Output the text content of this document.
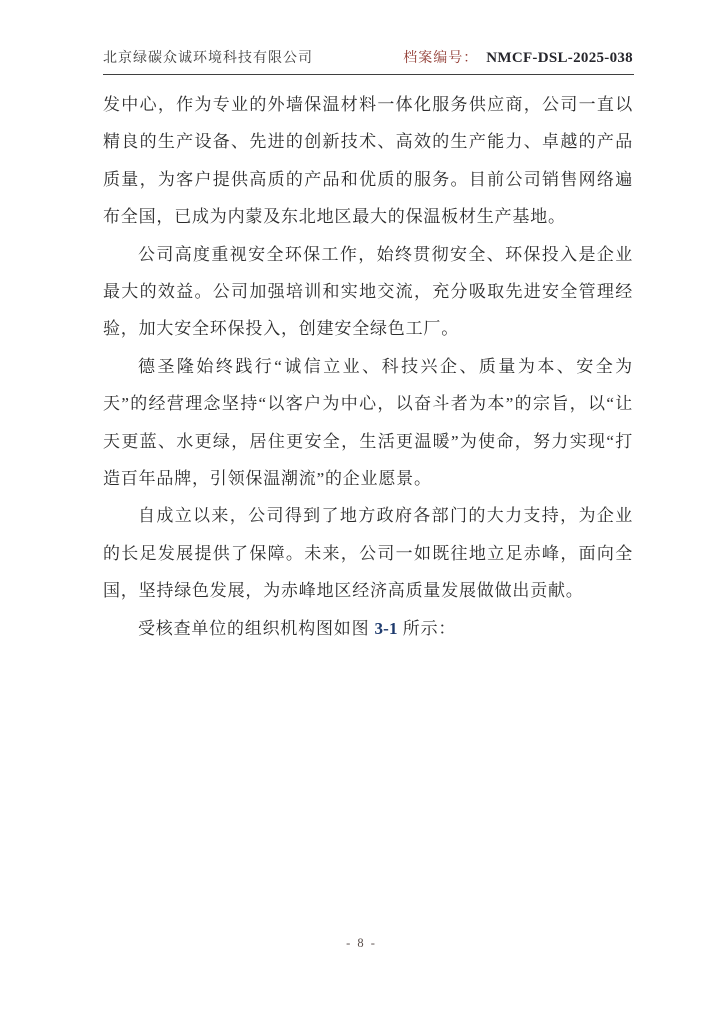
北京绿碳众诚环境科技有限公司	档案编号： NMCF-DSL-2025-038

发中心，作为专业的外墙保温材料一体化服务供应商，公司一直以精良的生产设备、先进的创新技术、高效的生产能力、卓越的产品质量，为客户提供高质的产品和优质的服务。目前公司销售网络遍布全国，已成为内蒙及东北地区最大的保温板材生产基地。

公司高度重视安全环保工作，始终贯彻安全、环保投入是企业最大的效益。公司加强培训和实地交流，充分吸取先进安全管理经验，加大安全环保投入，创建安全绿色工厂。

德圣隆始终践行“诚信立业、科技兴企、质量为本、安全为天”的经营理念坚持“以客户为中心，以奋斗者为本”的宗旨，以“让天更蓝、水更绿，居住更安全，生活更温暖”为使命，努力实现“打造百年品牌，引领保温潮流”的企业愿景。

自成立以来，公司得到了地方政府各部门的大力支持，为企业的长足发展提供了保障。未来，公司一如既往地立足赤峰，面向全国，坚持绿色发展，为赤峰地区经济高质量发展做做出贡献。

受核查单位的组织机构图如图 3-1 所示：

- 8 -
